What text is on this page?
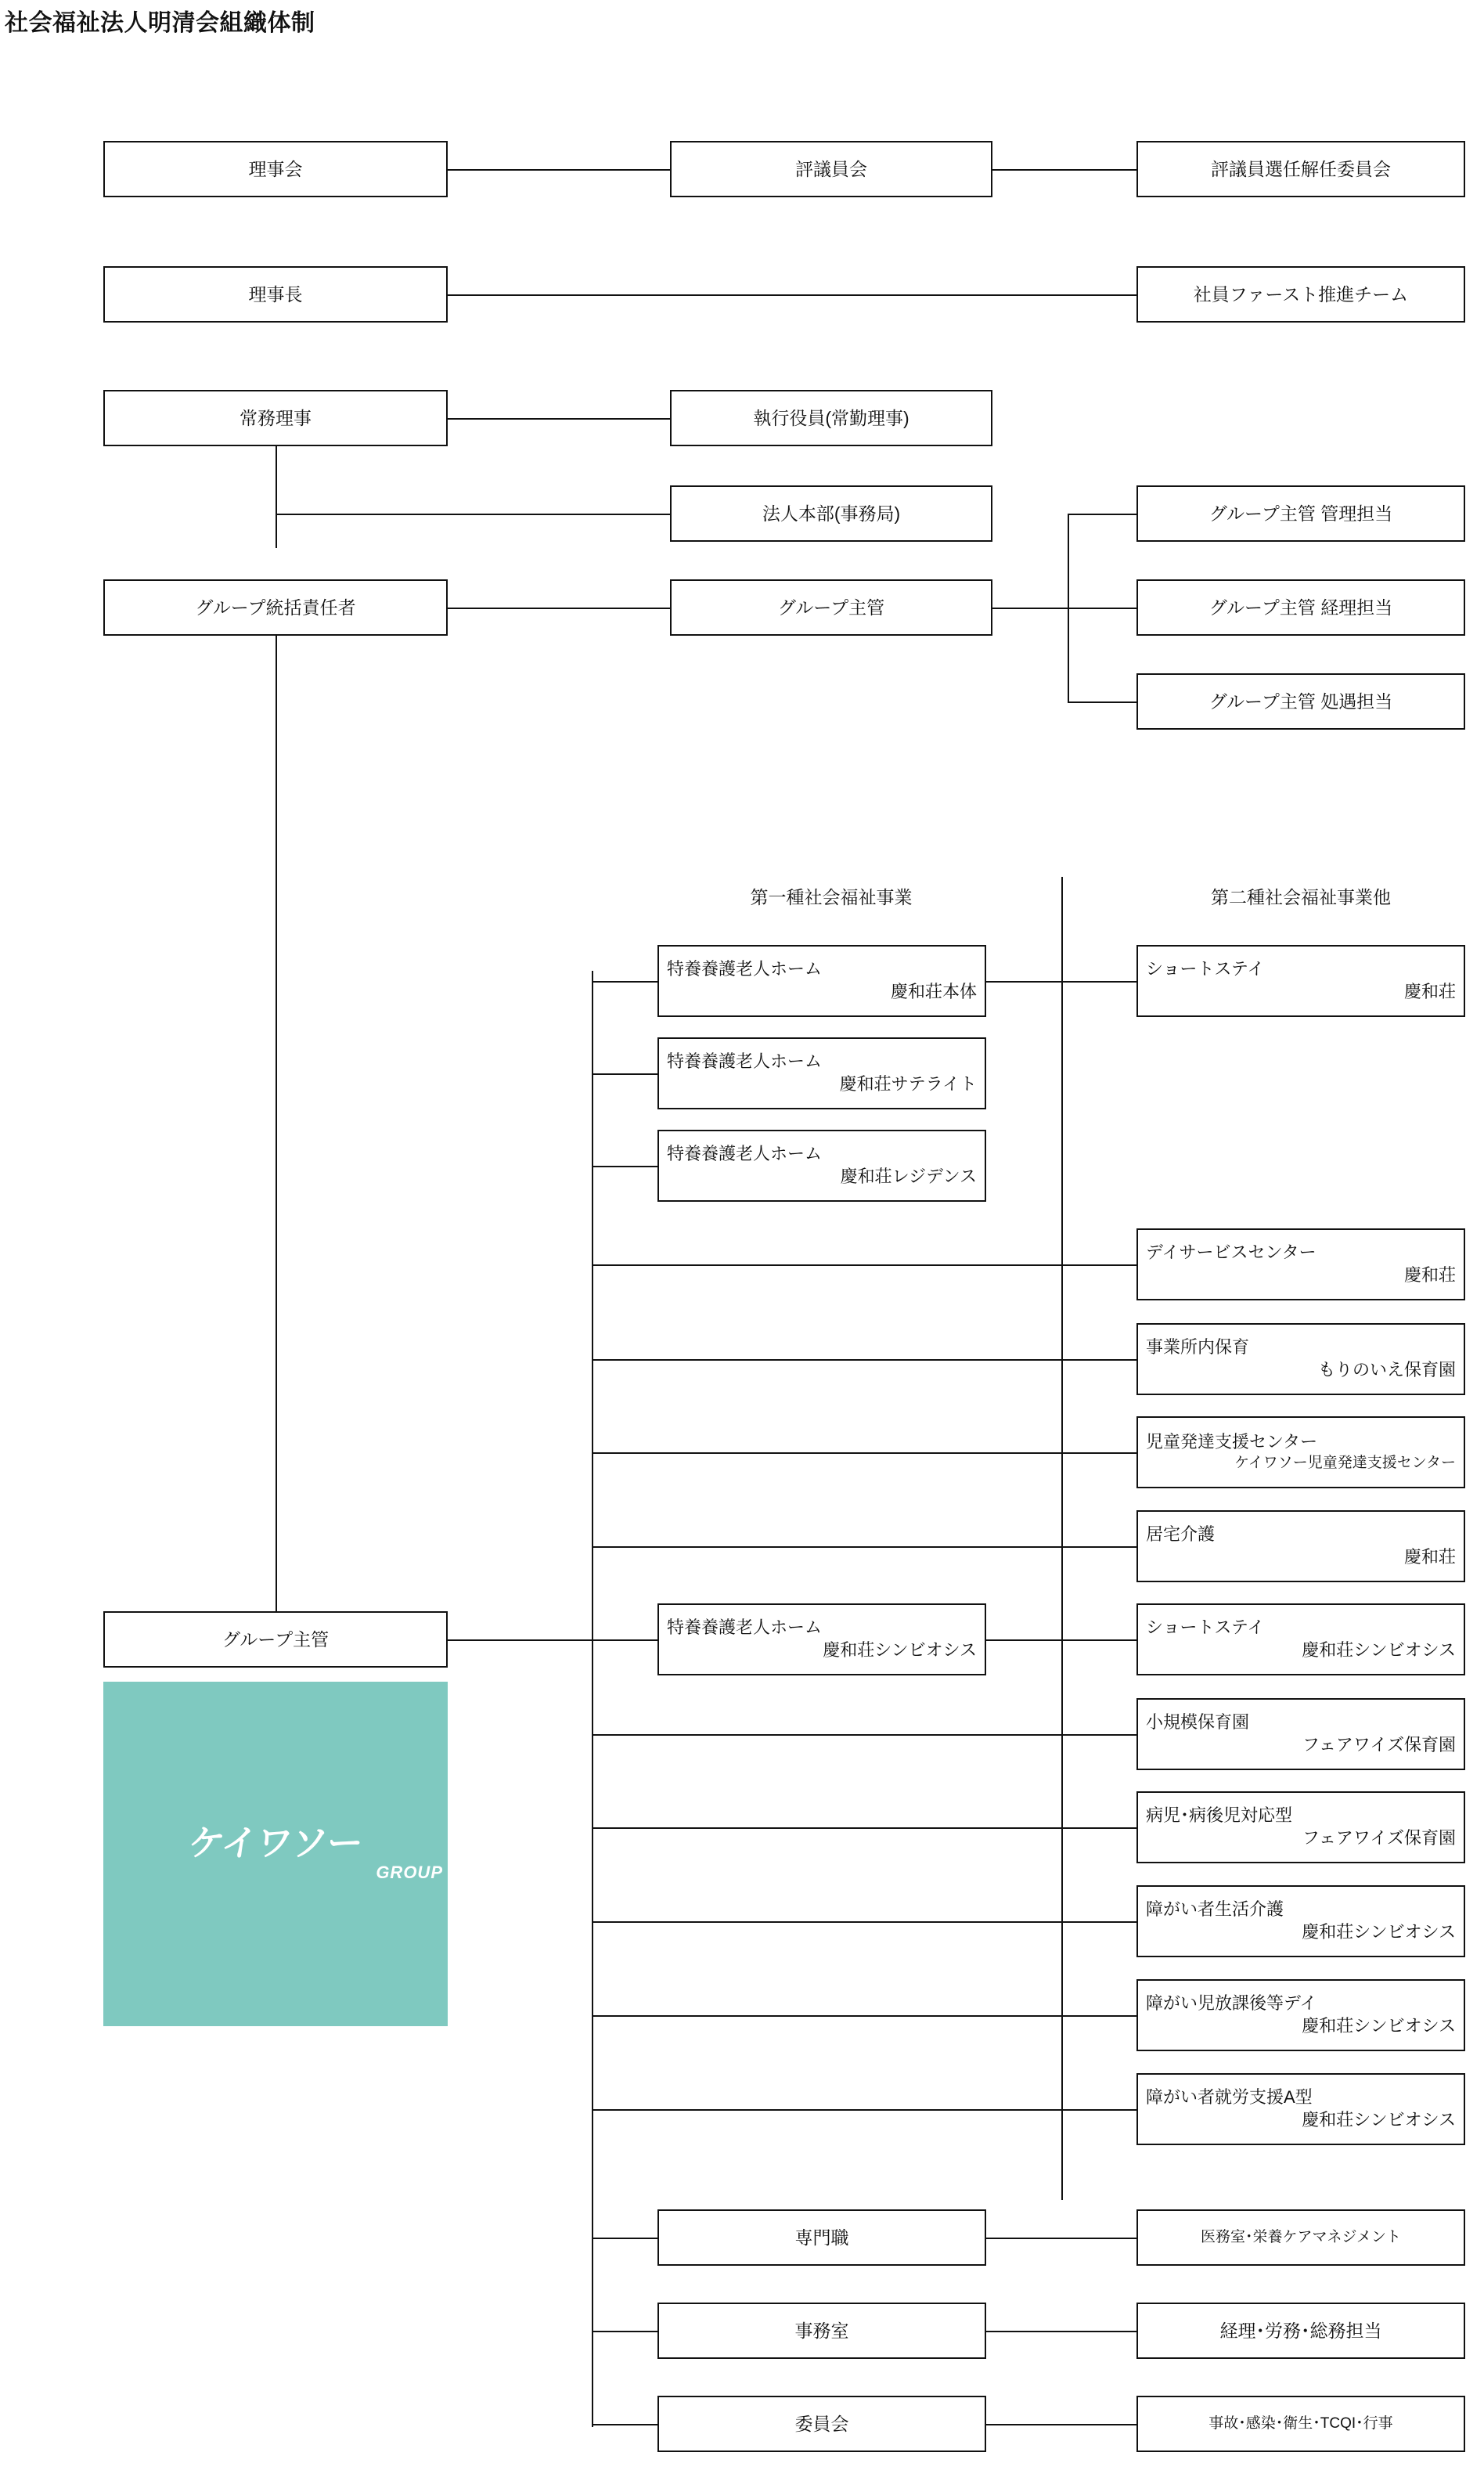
社会福祉法人明清会組織体制
理事会	評議員会	評議員選任解任委員会
理事長	社員ファースト推進チーム
常務理事	執行役員(常勤理事)
法人本部(事務局)
グループ統括責任者	グループ主管
グループ主管 管理担当
グループ主管 経理担当
グループ主管 処遇担当
第一種社会福祉事業	第二種社会福祉事業他
特養養護老人ホーム
慶和荘本体
特養養護老人ホーム
慶和荘サテライト
特養養護老人ホーム
慶和荘レジデンス
特養養護老人ホーム
慶和荘シンビオシス
ショートステイ
慶和荘
デイサービスセンター
慶和荘
事業所内保育
もりのいえ保育園
児童発達支援センター
ケイワソー児童発達支援センター
居宅介護
慶和荘
ショートステイ
慶和荘シンビオシス
小規模保育園
フェアワイズ保育園
病児･病後児対応型
フェアワイズ保育園
障がい者生活介護
慶和荘シンビオシス
障がい児放課後等デイ
慶和荘シンビオシス
障がい者就労支援A型
慶和荘シンビオシス
グループ主管
ケイワソー
GROUP
専門職	医務室･栄養ケアマネジメント
事務室	経理･労務･総務担当
委員会	事故･感染･衛生･TCQI･行事
